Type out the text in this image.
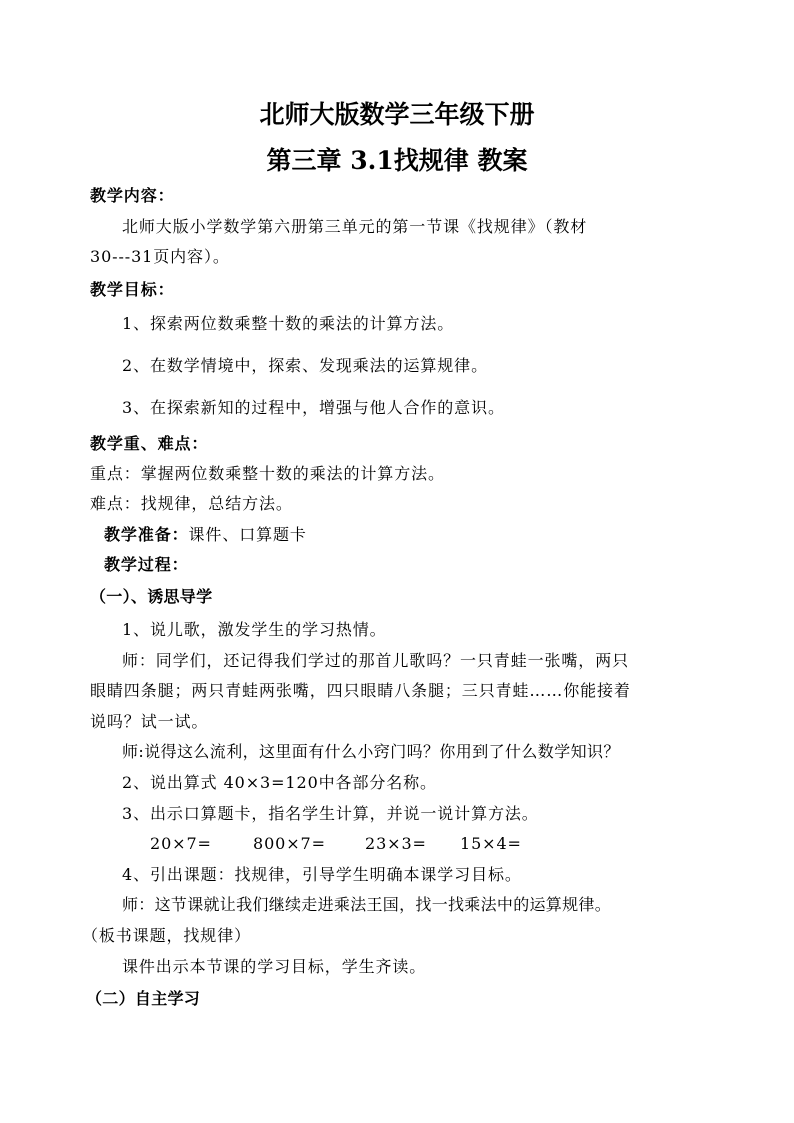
北师大版数学三年级下册
第三章 3.1找规律 教案
教学内容：
北师大版小学数学第六册第三单元的第一节课《找规律》（教材
30---31页内容）。
教学目标：
1、探索两位数乘整十数的乘法的计算方法。
2、在数学情境中，探索、发现乘法的运算规律。
3、在探索新知的过程中，增强与他人合作的意识。
教学重、难点：
重点：掌握两位数乘整十数的乘法的计算方法。
难点：找规律，总结方法。
教学准备：课件、口算题卡
教学过程：
（一）、诱思导学
1、说儿歌，激发学生的学习热情。
师：同学们，还记得我们学过的那首儿歌吗？一只青蛙一张嘴，两只
眼睛四条腿；两只青蛙两张嘴，四只眼睛八条腿；三只青蛙……你能接着
说吗？试一试。
师:说得这么流利，这里面有什么小窍门吗？你用到了什么数学知识？
2、说出算式 40×3=120中各部分名称。
3、出示口算题卡，指名学生计算，并说一说计算方法。
20×7=	800×7= 23×3= 15×4=
4、引出课题：找规律，引导学生明确本课学习目标。
师：这节课就让我们继续走进乘法王国，找一找乘法中的运算规律。
（板书课题，找规律）
课件出示本节课的学习目标，学生齐读。
（二）自主学习
